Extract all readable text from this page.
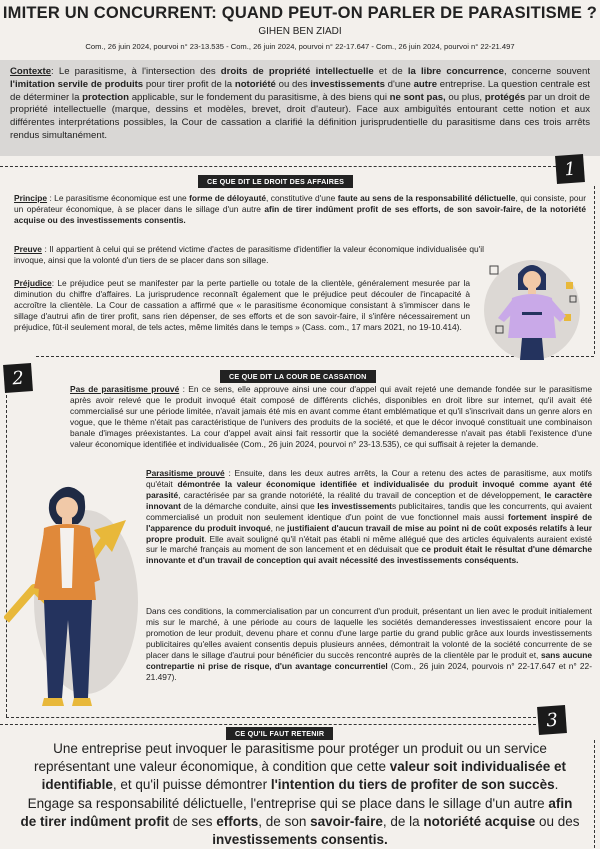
IMITER UN CONCURRENT: QUAND PEUT-ON PARLER DE PARASITISME ?
GIHEN BEN ZIADI
Com., 26 juin 2024, pourvoi n° 23-13.535 - Com., 26 juin 2024, pourvoi n° 22-17.647 - Com., 26 juin 2024, pourvoi n° 22-21.497
Contexte: Le parasitisme, à l'intersection des droits de propriété intellectuelle et de la libre concurrence, concerne souvent l'imitation servile de produits pour tirer profit de la notoriété ou des investissements d'une autre entreprise. La question centrale est de déterminer la protection applicable, sur le fondement du parasitisme, à des biens qui ne sont pas, ou plus, protégés par un droit de propriété intellectuelle (marque, dessins et modèles, brevet, droit d'auteur). Face aux ambiguïtés entourant cette notion et aux différentes interprétations possibles, la Cour de cassation a clarifié la définition jurisprudentielle du parasitisme dans ces trois arrêts rendus simultanément.
1
CE QUE DIT LE DROIT DES AFFAIRES
Principe : Le parasitisme économique est une forme de déloyauté, constitutive d'une faute au sens de la responsabilité délictuelle, qui consiste, pour un opérateur économique, à se placer dans le sillage d'un autre afin de tirer indûment profit de ses efforts, de son savoir-faire, de la notoriété acquise ou des investissements consentis.
Preuve : Il appartient à celui qui se prétend victime d'actes de parasitisme d'identifier la valeur économique individualisée qu'il invoque, ainsi que la volonté d'un tiers de se placer dans son sillage.
Préjudice: Le préjudice peut se manifester par la perte partielle ou totale de la clientèle, généralement mesurée par la diminution du chiffre d'affaires. La jurisprudence reconnaît également que le préjudice peut découler de l'incapacité à accroître la clientèle. La Cour de cassation a affirmé que « le parasitisme économique consistant à s'immiscer dans le sillage d'autrui afin de tirer profit, sans rien dépenser, de ses efforts et de son savoir-faire, il s'infère nécessairement un préjudice, fût-il seulement moral, de tels actes, même limités dans le temps » (Cass. com., 17 mars 2021, no 19-10.414).
2	CE QUE DIT LA COUR DE CASSATION
Pas de parasitisme prouvé : En ce sens, elle approuve ainsi une cour d'appel qui avait rejeté une demande fondée sur le parasitisme après avoir relevé que le produit invoqué était composé de différents clichés, disponibles en droit libre sur internet, qu'il avait été commercialisé sur une période limitée, n'avait jamais été mis en avant comme étant emblématique et qu'il s'inscrivait dans un genre alors en vogue, que le thème n'était pas caractéristique de l'univers des produits de la société, et que le décor invoqué constituait une combinaison banale d'images préexistantes. La cour d'appel avait ainsi fait ressortir que la société demanderesse n'avait pas établi l'existence d'une valeur économique identifiée et individualisée (Com., 26 juin 2024, pourvoi n° 23-13.535), ce qui suffisait à rejeter la demande.
Parasitisme prouvé : Ensuite, dans les deux autres arrêts, la Cour a retenu des actes de parasitisme, aux motifs qu'était démontrée la valeur économique identifiée et individualisée du produit invoqué comme ayant été parasité, caractérisée par sa grande notoriété, la réalité du travail de conception et de développement, le caractère innovant de la démarche conduite, ainsi que les investissements publicitaires, tandis que les concurrents, qui avaient commercialisé un produit non seulement identique d'un point de vue fonctionnel mais aussi fortement inspiré de l'apparence du produit invoqué, ne justifiaient d'aucun travail de mise au point ni de coût exposés relatifs à leur propre produit. Elle avait souligné qu'il n'était pas établi ni même allégué que des articles équivalents auraient existé sur le marché français au moment de son lancement et en déduisait que ce produit était le résultat d'une démarche innovante et d'un travail de conception qui avait nécessité des investissements conséquents.
Dans ces conditions, la commercialisation par un concurrent d'un produit, présentant un lien avec le produit initialement mis sur le marché, à une période au cours de laquelle les sociétés demanderesses investissaient encore pour la promotion de leur produit, devenu phare et connu d'une large partie du grand public grâce aux lourds investissements publicitaires qu'elles avaient consentis depuis plusieurs années, démontrait la volonté de la société concurrente de se placer dans le sillage d'autrui pour bénéficier du succès rencontré auprès de la clientèle par le produit et, sans aucune contrepartie ni prise de risque, d'un avantage concurrentiel (Com., 26 juin 2024, pourvois n° 22-17.647 et n° 22-21.497).
3
CE QU'IL FAUT RETENIR
Une entreprise peut invoquer le parasitisme pour protéger un produit ou un service représentant une valeur économique, à condition que cette valeur soit individualisée et identifiable, et qu'il puisse démontrer l'intention du tiers de profiter de son succès. Engage sa responsabilité délictuelle, l'entreprise qui se place dans le sillage d'un autre afin de tirer indûment profit de ses efforts, de son savoir-faire, de la notoriété acquise ou des investissements consentis.
